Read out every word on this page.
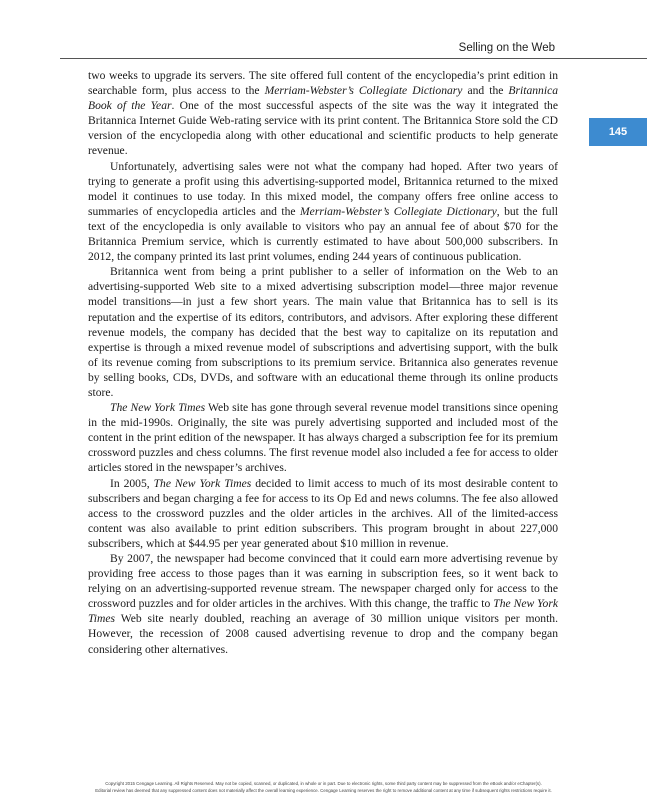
Selling on the Web
145

two weeks to upgrade its servers. The site offered full content of the encyclopedia’s print edition in searchable form, plus access to the Merriam-Webster’s Collegiate Dictionary and the Britannica Book of the Year. One of the most successful aspects of the site was the way it integrated the Britannica Internet Guide Web-rating service with its print content. The Britannica Store sold the CD version of the encyclopedia along with other educational and scientific products to help generate revenue.

Unfortunately, advertising sales were not what the company had hoped. After two years of trying to generate a profit using this advertising-supported model, Britannica returned to the mixed model it continues to use today. In this mixed model, the company offers free online access to summaries of encyclopedia articles and the Merriam-Webster’s Collegiate Dictionary, but the full text of the encyclopedia is only available to visitors who pay an annual fee of about $70 for the Britannica Premium service, which is currently estimated to have about 500,000 subscribers. In 2012, the company printed its last print volumes, ending 244 years of continuous publication.

Britannica went from being a print publisher to a seller of information on the Web to an advertising-supported Web site to a mixed advertising subscription model—three major revenue model transitions—in just a few short years. The main value that Britannica has to sell is its reputation and the expertise of its editors, contributors, and advisors. After exploring these different revenue models, the company has decided that the best way to capitalize on its reputation and expertise is through a mixed revenue model of subscriptions and advertising support, with the bulk of its revenue coming from subscriptions to its premium service. Britannica also generates revenue by selling books, CDs, DVDs, and software with an educational theme through its online products store.

The New York Times Web site has gone through several revenue model transitions since opening in the mid-1990s. Originally, the site was purely advertising supported and included most of the content in the print edition of the newspaper. It has always charged a subscription fee for its premium crossword puzzles and chess columns. The first revenue model also included a fee for access to older articles stored in the newspaper’s archives.

In 2005, The New York Times decided to limit access to much of its most desirable content to subscribers and began charging a fee for access to its Op Ed and news columns. The fee also allowed access to the crossword puzzles and the older articles in the archives. All of the limited-access content was also available to print edition subscribers. This program brought in about 227,000 subscribers, which at $44.95 per year generated about $10 million in revenue.

By 2007, the newspaper had become convinced that it could earn more advertising revenue by providing free access to those pages than it was earning in subscription fees, so it went back to relying on an advertising-supported revenue stream. The newspaper charged only for access to the crossword puzzles and for older articles in the archives. With this change, the traffic to The New York Times Web site nearly doubled, reaching an average of 30 million unique visitors per month. However, the recession of 2008 caused advertising revenue to drop and the company began considering other alternatives.

Copyright 2015 Cengage Learning. All Rights Reserved. May not be copied, scanned, or duplicated, in whole or in part. Due to electronic rights, some third party content may be suppressed from the eBook and/or eChapter(s).
Editorial review has deemed that any suppressed content does not materially affect the overall learning experience. Cengage Learning reserves the right to remove additional content at any time if subsequent rights restrictions require it.
